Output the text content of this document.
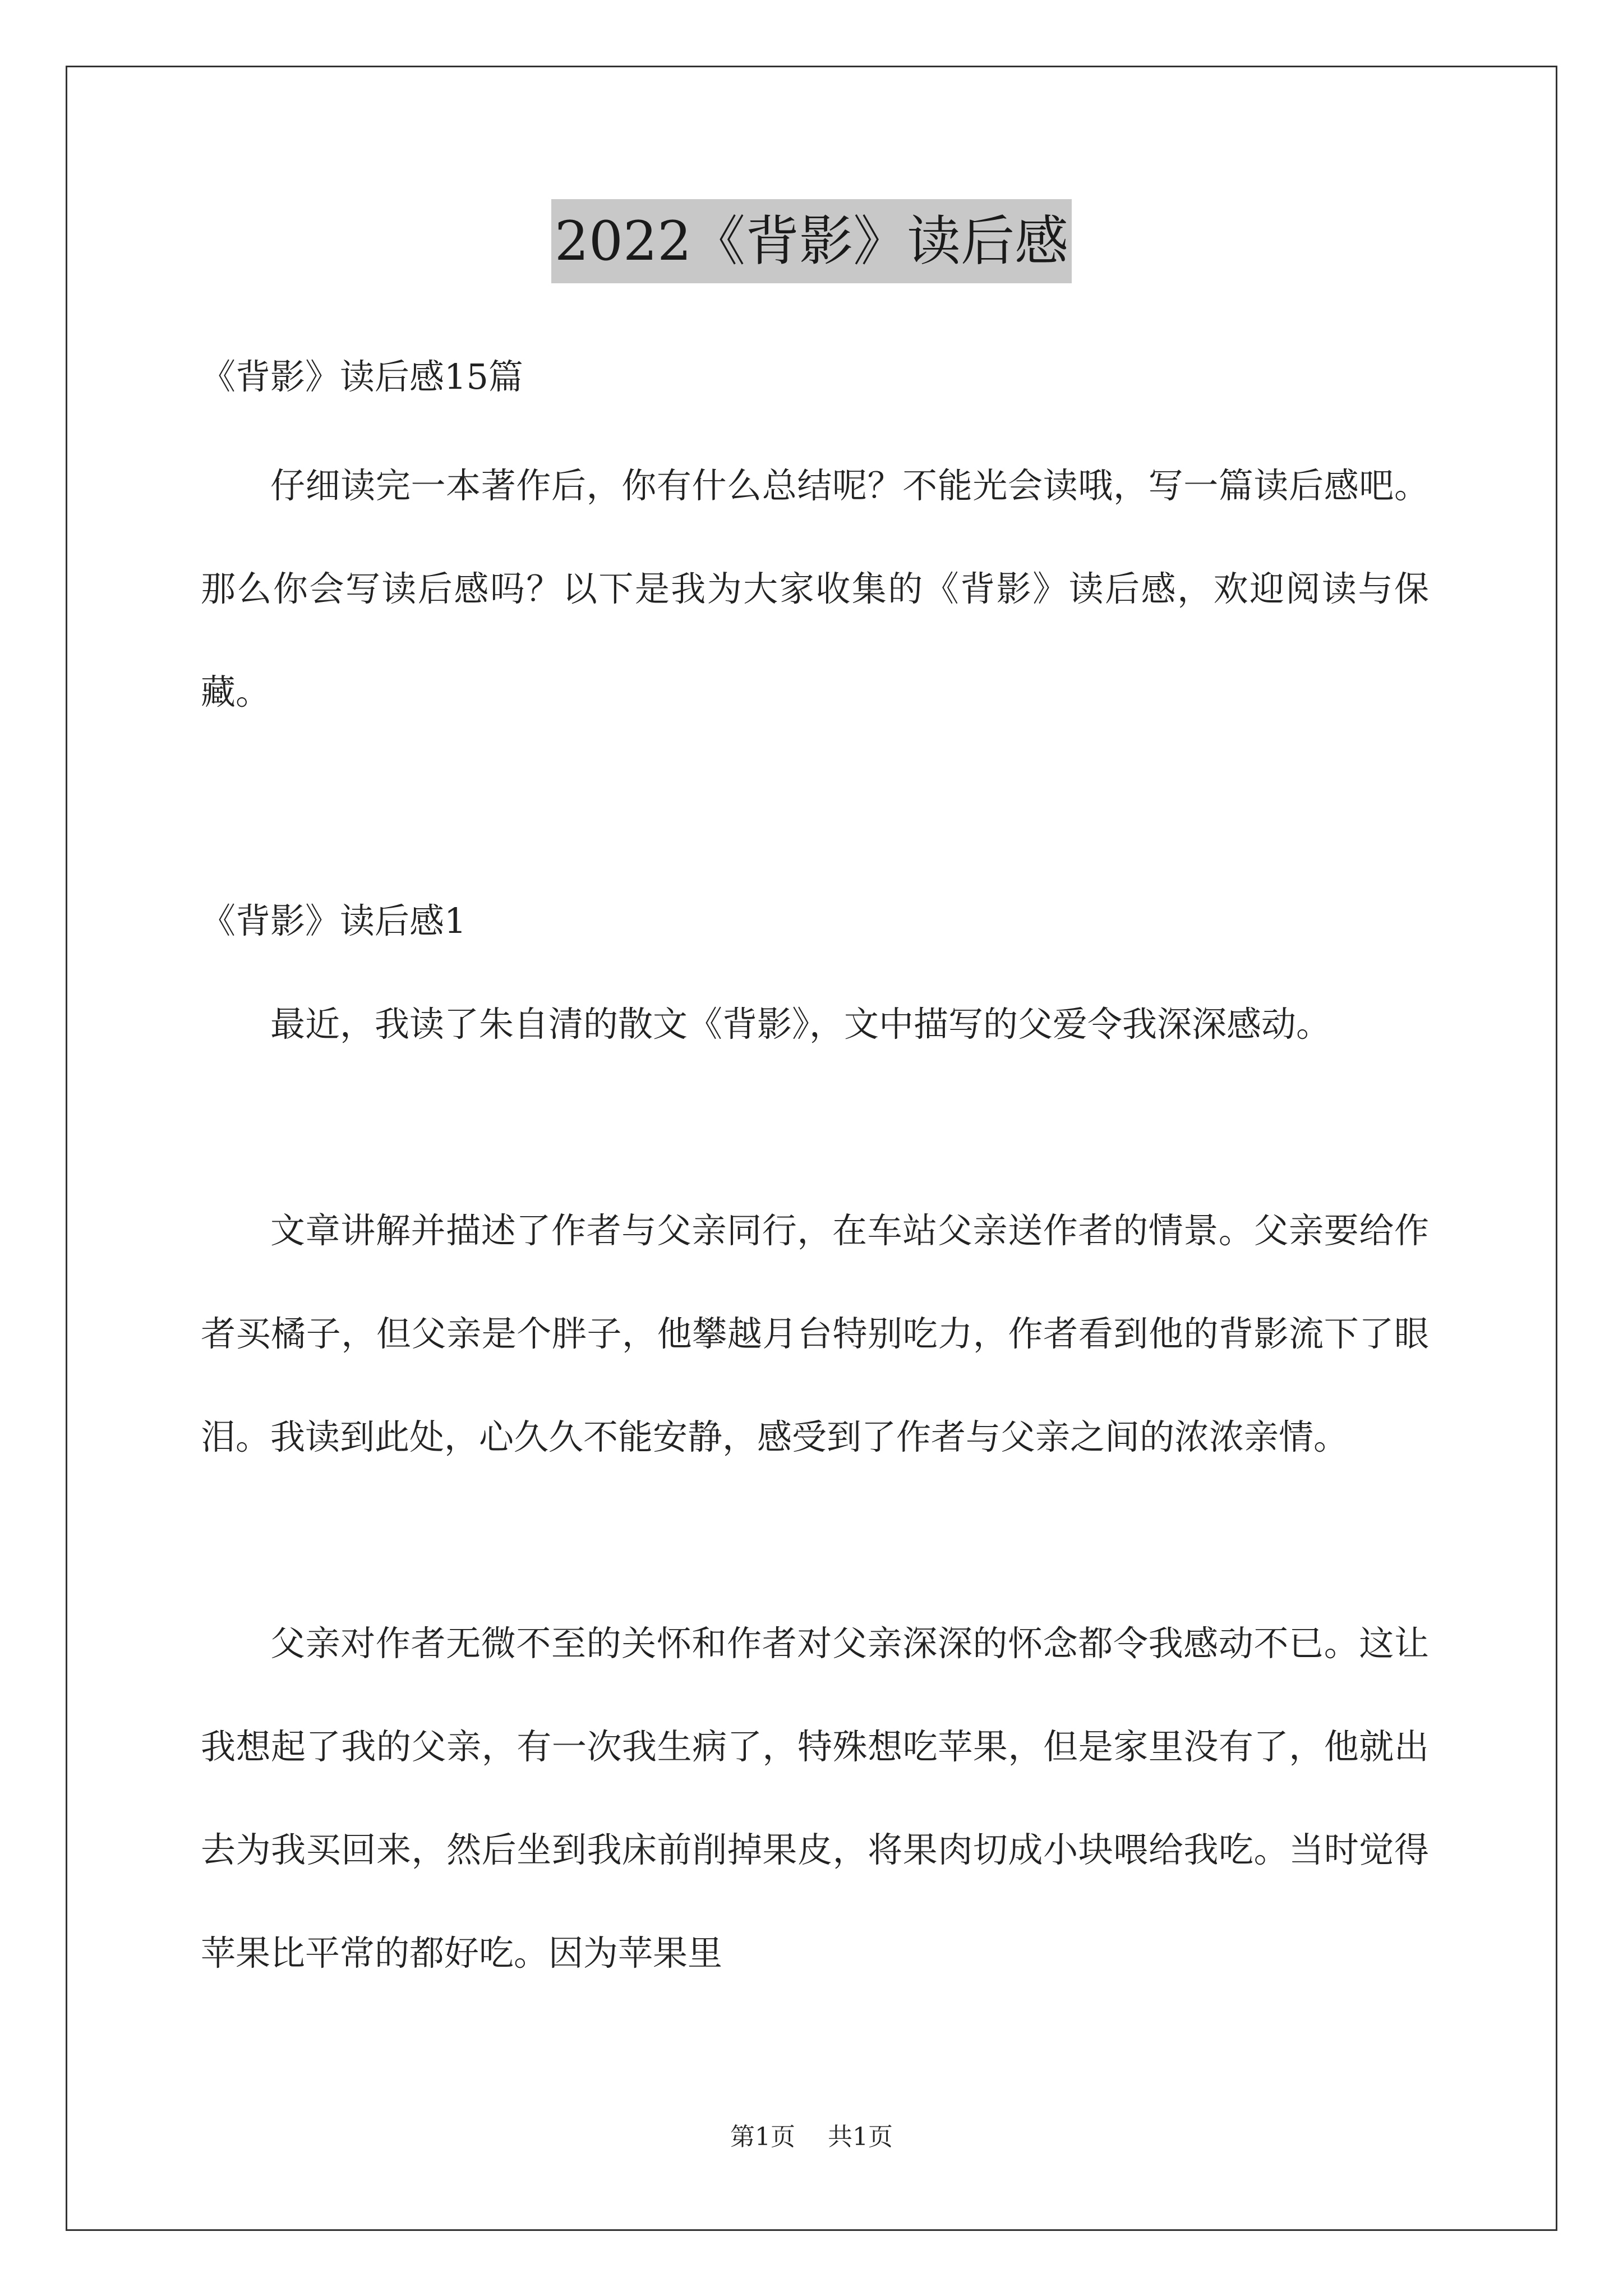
2022《背影》读后感

《背影》读后感15篇

仔细读完一本著作后，你有什么总结呢？不能光会读哦，写一篇读后感吧。那么你会写读后感吗？以下是我为大家收集的《背影》读后感，欢迎阅读与保藏。

《背影》读后感1

最近，我读了朱自清的散文《背影》，文中描写的父爱令我深深感动。

文章讲解并描述了作者与父亲同行，在车站父亲送作者的情景。父亲要给作者买橘子，但父亲是个胖子，他攀越月台特别吃力，作者看到他的背影流下了眼泪。我读到此处，心久久不能安静，感受到了作者与父亲之间的浓浓亲情。

父亲对作者无微不至的关怀和作者对父亲深深的怀念都令我感动不已。这让我想起了我的父亲，有一次我生病了，特殊想吃苹果，但是家里没有了，他就出去为我买回来，然后坐到我床前削掉果皮，将果肉切成小块喂给我吃。当时觉得苹果比平常的都好吃。因为苹果里

第1页 共1页
